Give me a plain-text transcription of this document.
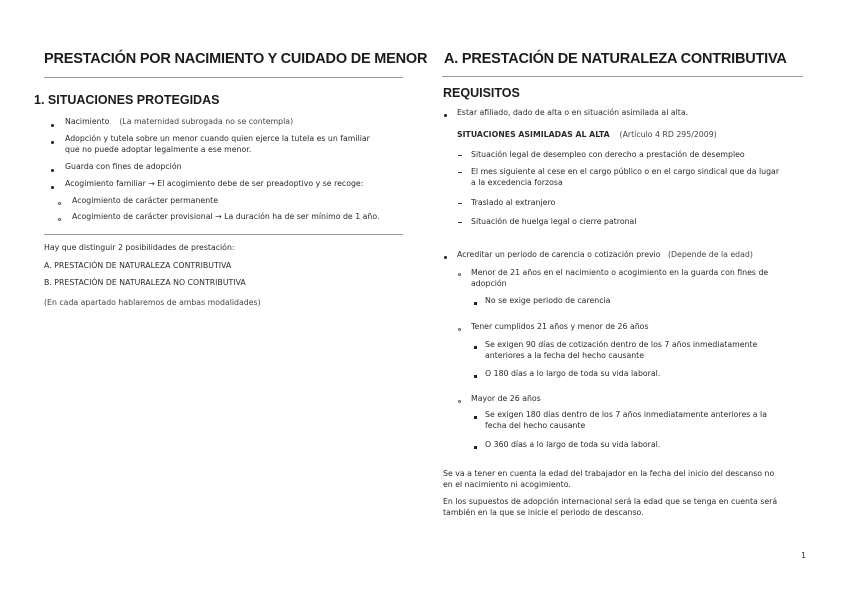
PRESTACIÓN POR NACIMIENTO Y CUIDADO DE MENOR
1. SITUACIONES PROTEGIDAS
Nacimiento (La maternidad subrogada no se contempla)
Adopción y tutela sobre un menor cuando quien ejerce la tutela es un familiar
que no puede adoptar legalmente a ese menor.
Guarda con fines de adopción
Acogimiento familiar → El acogimiento debe de ser preadoptivo y se recoge:
Acogimiento de carácter permanente
Acogimiento de carácter provisional → La duración ha de ser mínimo de 1 año.
Hay que distinguir 2 posibilidades de prestación:
A. PRESTACIÓN DE NATURALEZA CONTRIBUTIVA
B. PRESTACIÓN DE NATURALEZA NO CONTRIBUTIVA
(En cada apartado hablaremos de ambas modalidades)
A. PRESTACIÓN DE NATURALEZA CONTRIBUTIVA
REQUISITOS
Estar afiliado, dado de alta o en situación asimilada al alta.
SITUACIONES ASIMILADAS AL ALTA (Artículo 4 RD 295/2009)
Situación legal de desempleo con derecho a prestación de desempleo
El mes siguiente al cese en el cargo público o en el cargo sindical que da lugar
a la excedencia forzosa
Traslado al extranjero
Situación de huelga legal o cierre patronal
Acreditar un periodo de carencia o cotización previo (Depende de la edad)
Menor de 21 años en el nacimiento o acogimiento en la guarda con fines de
adopción
No se exige periodo de carencia
Tener cumplidos 21 años y menor de 26 años
Se exigen 90 días de cotización dentro de los 7 años inmediatamente
anteriores a la fecha del hecho causante
O 180 días a lo largo de toda su vida laboral.
Mayor de 26 años
Se exigen 180 días dentro de los 7 años inmediatamente anteriores a la
fecha del hecho causante
O 360 días a lo largo de toda su vida laboral.
Se va a tener en cuenta la edad del trabajador en la fecha del inicio del descanso no
en el nacimiento ni acogimiento.
En los supuestos de adopción internacional será la edad que se tenga en cuenta será
también en la que se inicie el periodo de descanso.
1
